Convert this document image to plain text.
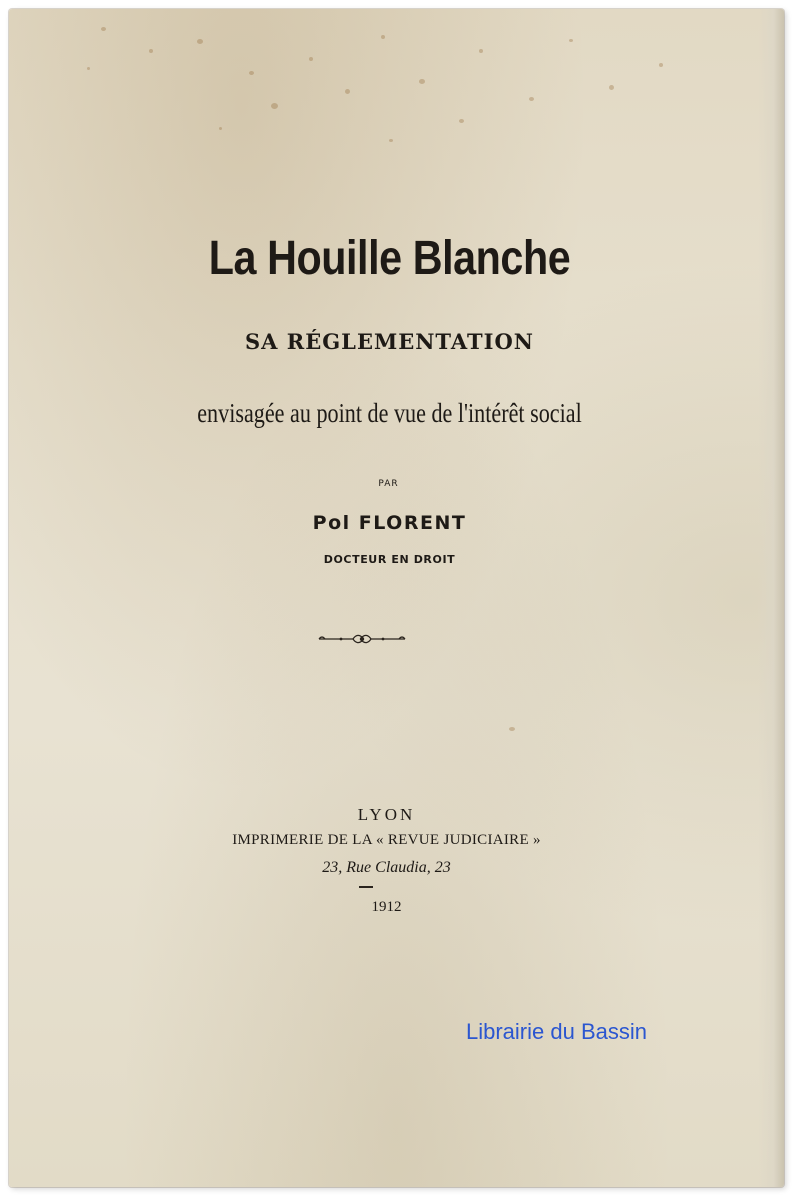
La Houille Blanche
SA RÉGLEMENTATION
envisagée au point de vue de l'intérêt social
PAR
Pol FLORENT
DOCTEUR EN DROIT
LYON
IMPRIMERIE DE LA « REVUE JUDICIAIRE »
23, Rue Claudia, 23
1912
Librairie du Bassin
